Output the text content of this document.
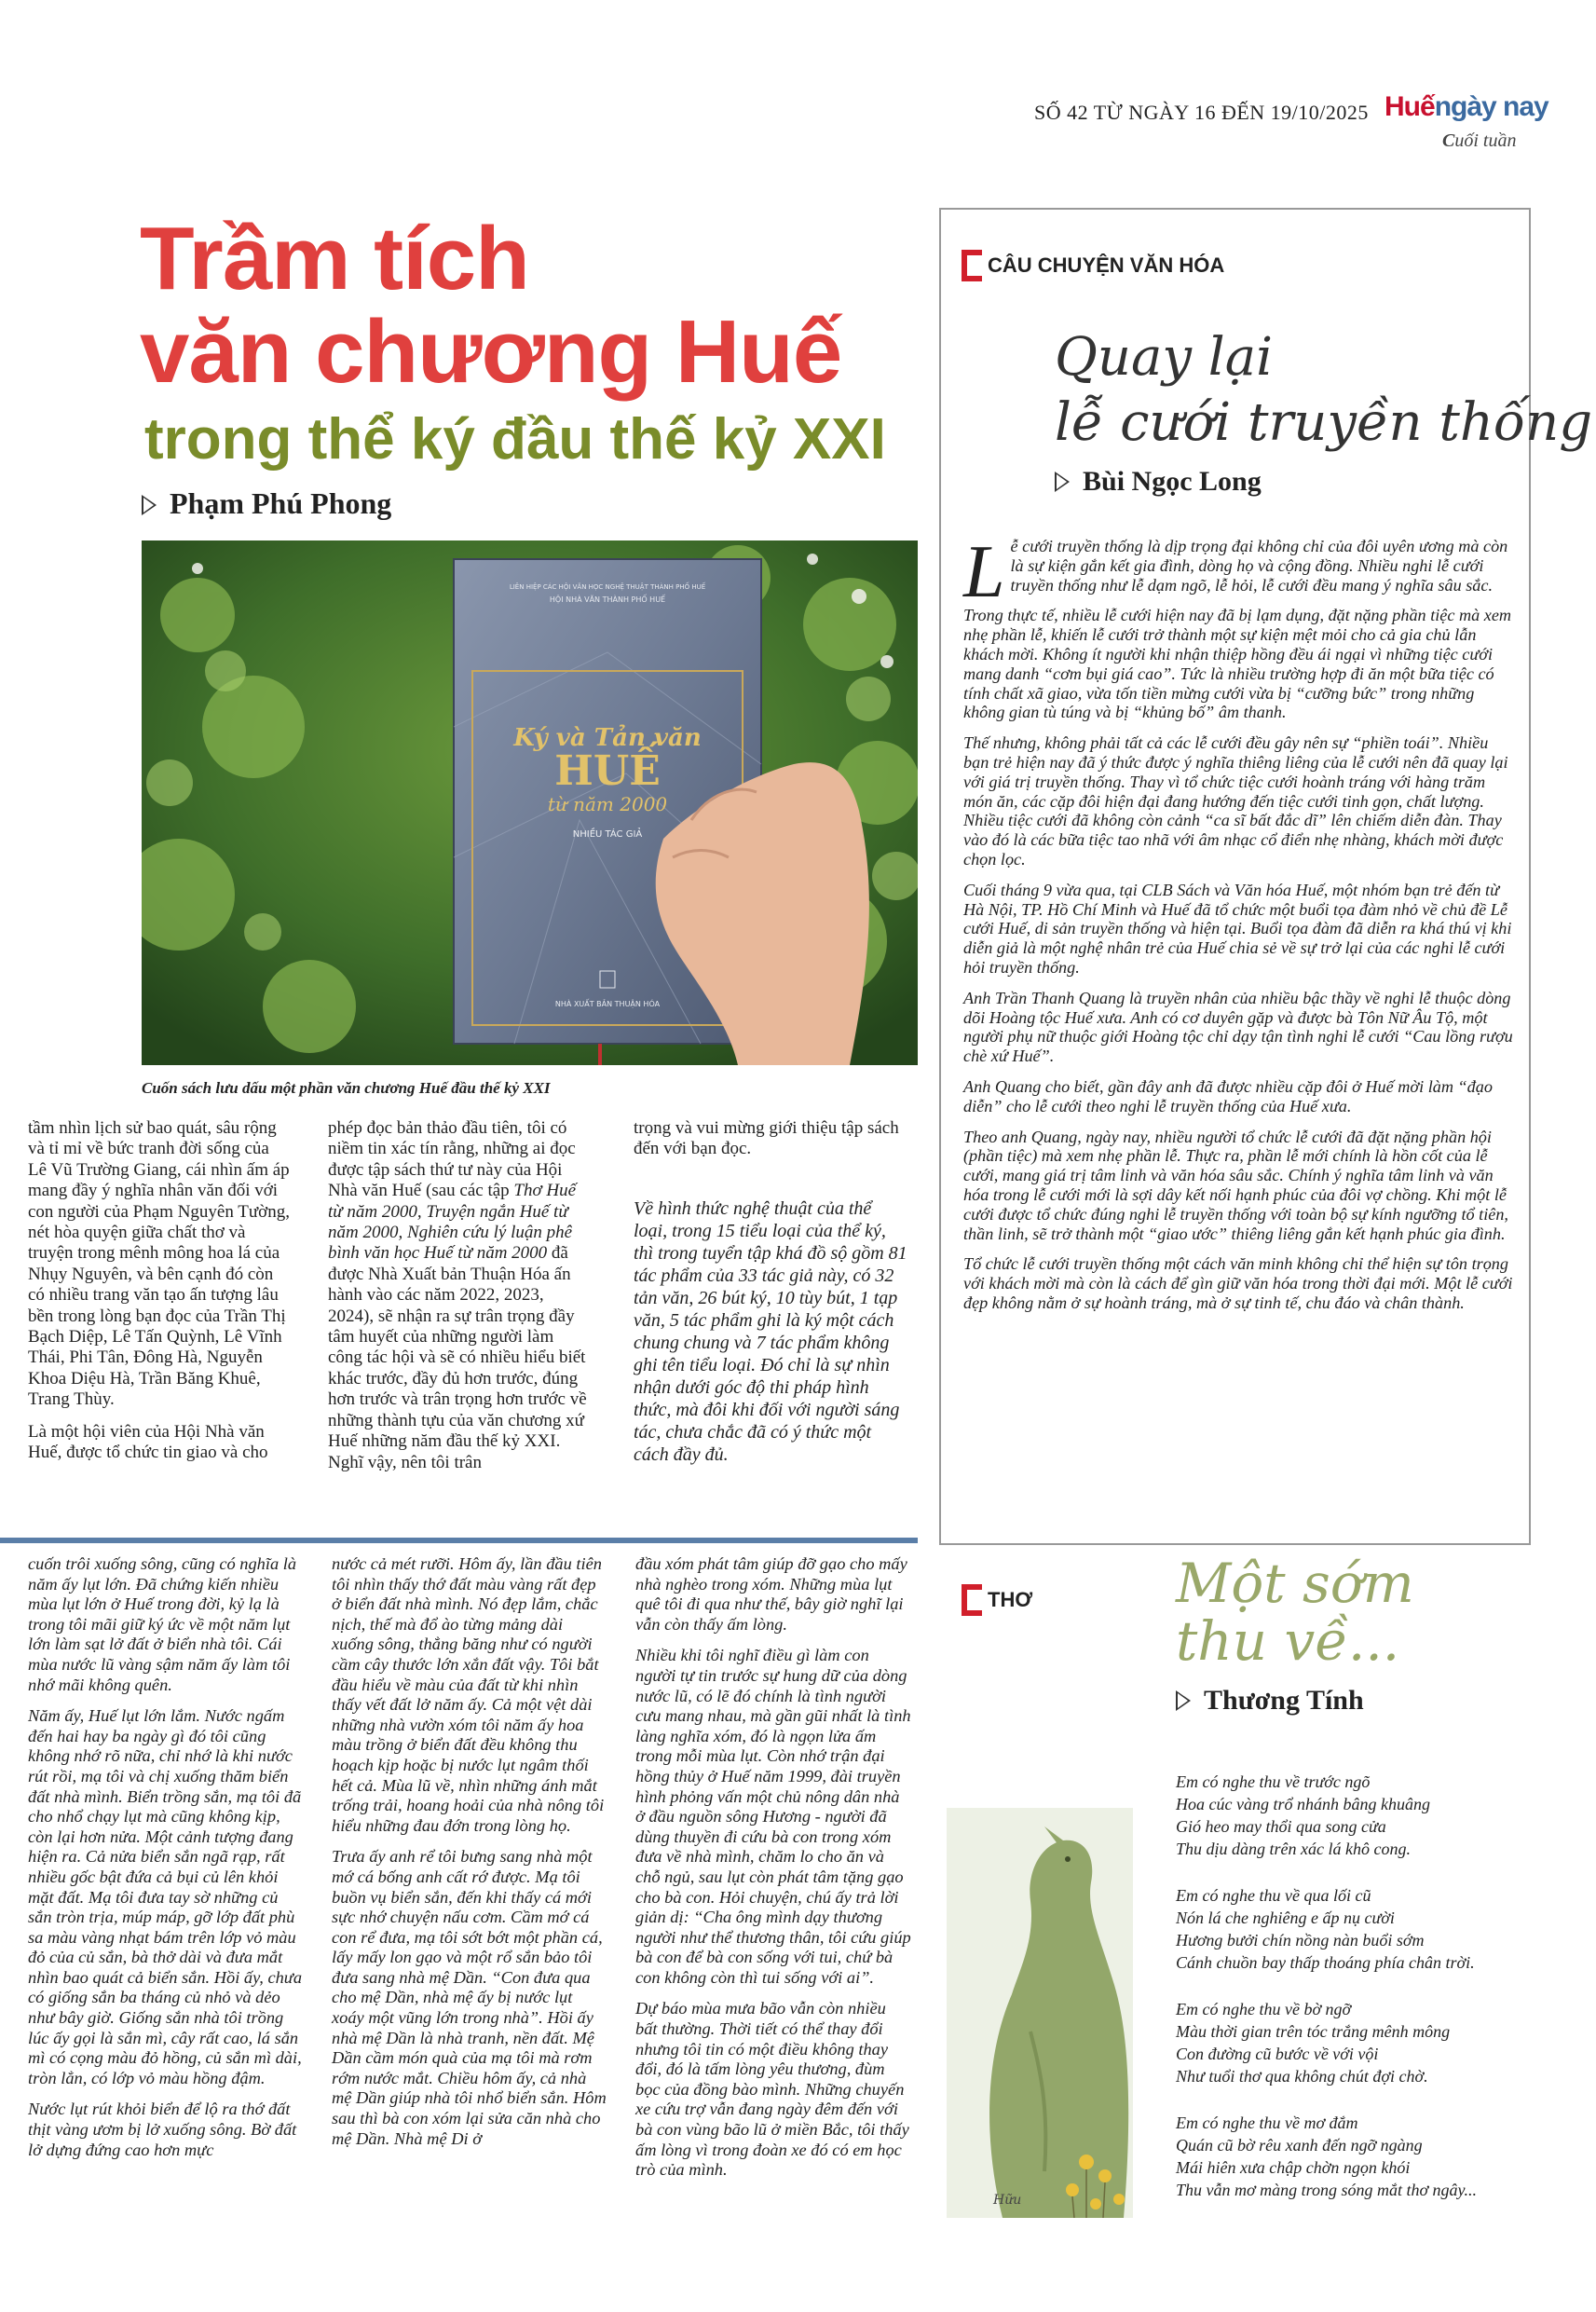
SỐ 42 TỪ NGÀY 16 ĐẾN 19/10/2025 Huếngày nay
Cuối tuần
Trầm tích
văn chương Huế
trong thể ký đầu thế kỷ XXI
Phạm Phú Phong
LIÊN HIỆP CÁC HỘI VĂN HỌC NGHỆ THUẬT THÀNH PHỐ HUẾ
HỘI NHÀ VĂN THÀNH PHỐ HUẾ
Ký và Tản văn
HUẾ
từ năm 2000
NHIỀU TÁC GIẢ
NHÀ XUẤT BẢN THUẬN HÓA
Cuốn sách lưu dấu một phần văn chương Huế đầu thế kỷ XXI

tầm nhìn lịch sử bao quát, sâu rộng và tỉ mỉ về bức tranh đời sống của Lê Vũ Trường Giang, cái nhìn ấm áp mang đầy ý nghĩa nhân văn đối với con người của Phạm Nguyên Tường, nét hòa quyện giữa chất thơ và truyện trong mênh mông hoa lá của Nhụy Nguyên, và bên cạnh đó còn có nhiều trang văn tạo ấn tượng lâu bền trong lòng bạn đọc của Trần Thị Bạch Diệp, Lê Tấn Quỳnh, Lê Vĩnh Thái, Phi Tân, Đông Hà, Nguyễn Khoa Diệu Hà, Trần Băng Khuê, Trang Thùy.

Là một hội viên của Hội Nhà văn Huế, được tổ chức tin giao và cho

phép đọc bản thảo đầu tiên, tôi có niềm tin xác tín rằng, những ai đọc được tập sách thứ tư này của Hội Nhà văn Huế (sau các tập Thơ Huế từ năm 2000, Truyện ngắn Huế từ năm 2000, Nghiên cứu lý luận phê bình văn học Huế từ năm 2000 đã được Nhà Xuất bản Thuận Hóa ấn hành vào các năm 2022, 2023, 2024), sẽ nhận ra sự trân trọng đầy tâm huyết của những người làm công tác hội và sẽ có nhiều hiểu biết khác trước, đầy đủ hơn trước, đúng hơn trước và trân trọng hơn trước về những thành tựu của văn chương xứ Huế những năm đầu thế kỷ XXI. Nghĩ vậy, nên tôi trân

trọng và vui mừng giới thiệu tập sách đến với bạn đọc.

Về hình thức nghệ thuật của thể loại, trong 15 tiểu loại của thể ký, thì trong tuyển tập khá đồ sộ gồm 81 tác phẩm của 33 tác giả này, có 32 tản văn, 26 bút ký, 10 tùy bút, 1 tạp văn, 5 tác phẩm ghi là ký một cách chung chung và 7 tác phẩm không ghi tên tiểu loại. Đó chỉ là sự nhìn nhận dưới góc độ thi pháp hình thức, mà đôi khi đối với người sáng tác, chưa chắc đã có ý thức một cách đầy đủ.

cuốn trôi xuống sông, cũng có nghĩa là năm ấy lụt lớn. Đã chứng kiến nhiều mùa lụt lớn ở Huế trong đời, kỷ lạ là trong tôi mãi giữ ký ức về một năm lụt lớn làm sạt lở đất ở biển nhà tôi. Cái mùa nước lũ vàng sậm năm ấy làm tôi nhớ mãi không quên.

Năm ấy, Huế lụt lớn lắm. Nước ngấm đến hai hay ba ngày gì đó tôi cũng không nhớ rõ nữa, chỉ nhớ là khi nước rút rồi, mạ tôi và chị xuống thăm biển đất nhà mình. Biển trồng sắn, mạ tôi đã cho nhổ chạy lụt mà cũng không kịp, còn lại hơn nửa. Một cảnh tượng đang hiện ra. Cả nửa biển sắn ngã rạp, rất nhiều gốc bật đứa cả bụi củ lên khỏi mặt đất. Mạ tôi đưa tay sờ những củ sắn tròn trịa, múp máp, gỡ lớp đất phù sa màu vàng nhạt bám trên lớp vỏ màu đỏ của củ sắn, bà thở dài và đưa mắt nhìn bao quát cả biển sắn. Hồi ấy, chưa có giống sắn ba tháng củ nhỏ và dẻo như bây giờ. Giống sắn nhà tôi trồng lúc ấy gọi là sắn mì, cây rất cao, lá sắn mì có cọng màu đỏ hồng, củ sắn mì dài, tròn lẳn, có lớp vỏ màu hồng đậm.

Nước lụt rút khỏi biển để lộ ra thớ đất thịt vàng ươm bị lở xuống sông. Bờ đất lở dựng đứng cao hơn mực

nước cả mét rưỡi. Hôm ấy, lần đầu tiên tôi nhìn thấy thớ đất màu vàng rất đẹp ở biển đất nhà mình. Nó đẹp lắm, chắc nịch, thế mà đổ ào từng mảng dài xuống sông, thẳng băng như có người cầm cây thước lớn xắn đất vậy. Tôi bắt đầu hiểu về màu của đất từ khi nhìn thấy vết đất lở năm ấy. Cả một vệt dài những nhà vườn xóm tôi năm ấy hoa màu trồng ở biển đất đều không thu hoạch kịp hoặc bị nước lụt ngâm thối hết cả. Mùa lũ về, nhìn những ánh mắt trống trải, hoang hoải của nhà nông tôi hiểu những đau đớn trong lòng họ.

Trưa ấy anh rể tôi bưng sang nhà một mớ cá bống anh cất rớ được. Mạ tôi buồn vụ biển sắn, đến khi thấy cá mới sực nhớ chuyện nấu cơm. Cầm mớ cá con rể đưa, mạ tôi sớt bớt một phần cá, lấy mấy lon gạo và một rổ sắn bảo tôi đưa sang nhà mệ Dần. “Con đưa qua cho mệ Dần, nhà mệ ấy bị nước lụt xoáy một vũng lớn trong nhà”. Hồi ấy nhà mệ Dần là nhà tranh, nền đất. Mệ Dần cầm món quà của mạ tôi mà rơm rớm nước mắt. Chiều hôm ấy, cả nhà mệ Dần giúp nhà tôi nhổ biển sắn. Hôm sau thì bà con xóm lại sửa căn nhà cho mệ Dần. Nhà mệ Di ở

đầu xóm phát tâm giúp đỡ gạo cho mấy nhà nghèo trong xóm. Những mùa lụt quê tôi đi qua như thế, bây giờ nghĩ lại vẫn còn thấy ấm lòng.

Nhiều khi tôi nghĩ điều gì làm con người tự tin trước sự hung dữ của dòng nước lũ, có lẽ đó chính là tình người cưu mang nhau, mà gần gũi nhất là tình làng nghĩa xóm, đó là ngọn lửa ấm trong mỗi mùa lụt. Còn nhớ trận đại hồng thủy ở Huế năm 1999, đài truyền hình phỏng vấn một chủ nông dân nhà ở đầu nguồn sông Hương - người đã dùng thuyền đi cứu bà con trong xóm đưa về nhà mình, chăm lo cho ăn và chỗ ngủ, sau lụt còn phát tâm tặng gạo cho bà con. Hỏi chuyện, chú ấy trả lời giản dị: “Cha ông mình dạy thương người như thể thương thân, tôi cứu giúp bà con để bà con sống với tui, chứ bà con không còn thì tui sống với ai”.

Dự báo mùa mưa bão vẫn còn nhiều bất thường. Thời tiết có thể thay đổi nhưng tôi tin có một điều không thay đổi, đó là tấm lòng yêu thương, đùm bọc của đồng bào mình. Những chuyến xe cứu trợ vẫn đang ngày đêm đến với bà con vùng bão lũ ở miền Bắc, tôi thấy ấm lòng vì trong đoàn xe đó có em học trò của mình.

CÂU CHUYỆN VĂN HÓA
Quay lại
lễ cưới truyền thống
Bùi Ngọc Long

Lễ cưới truyền thống là dịp trọng đại không chỉ của đôi uyên ương mà còn là sự kiện gắn kết gia đình, dòng họ và cộng đồng. Nhiều nghi lễ cưới truyền thống như lễ dạm ngõ, lễ hỏi, lễ cưới đều mang ý nghĩa sâu sắc.

Trong thực tế, nhiều lễ cưới hiện nay đã bị lạm dụng, đặt nặng phần tiệc mà xem nhẹ phần lễ, khiến lễ cưới trở thành một sự kiện mệt mỏi cho cả gia chủ lẫn khách mời. Không ít người khi nhận thiệp hồng đều ái ngại vì những tiệc cưới mang danh “cơm bụi giá cao”. Tức là nhiều trường hợp đi ăn một bữa tiệc có tính chất xã giao, vừa tốn tiền mừng cưới vừa bị “cưỡng bức” trong những không gian tù túng và bị “khủng bố” âm thanh.

Thế nhưng, không phải tất cả các lễ cưới đều gây nên sự “phiền toái”. Nhiều bạn trẻ hiện nay đã ý thức được ý nghĩa thiêng liêng của lễ cưới nên đã quay lại với giá trị truyền thống. Thay vì tổ chức tiệc cưới hoành tráng với hàng trăm món ăn, các cặp đôi hiện đại đang hướng đến tiệc cưới tinh gọn, chất lượng. Nhiều tiệc cưới đã không còn cảnh “ca sĩ bất đắc dĩ” lên chiếm diễn đàn. Thay vào đó là các bữa tiệc tao nhã với âm nhạc cổ điển nhẹ nhàng, khách mời được chọn lọc.

Cuối tháng 9 vừa qua, tại CLB Sách và Văn hóa Huế, một nhóm bạn trẻ đến từ Hà Nội, TP. Hồ Chí Minh và Huế đã tổ chức một buổi tọa đàm nhỏ về chủ đề Lễ cưới Huế, di sản truyền thống và hiện tại. Buổi tọa đàm đã diễn ra khá thú vị khi diễn giả là một nghệ nhân trẻ của Huế chia sẻ về sự trở lại của các nghi lễ cưới hỏi truyền thống.

Anh Trần Thanh Quang là truyền nhân của nhiều bậc thầy về nghi lễ thuộc dòng dõi Hoàng tộc Huế xưa. Anh có cơ duyên gặp và được bà Tôn Nữ Âu Tộ, một người phụ nữ thuộc giới Hoàng tộc chỉ dạy tận tình nghi lễ cưới “Cau lồng rượu chè xứ Huế”.

Anh Quang cho biết, gần đây anh đã được nhiều cặp đôi ở Huế mời làm “đạo diễn” cho lễ cưới theo nghi lễ truyền thống của Huế xưa.

Theo anh Quang, ngày nay, nhiều người tổ chức lễ cưới đã đặt nặng phần hội (phần tiệc) mà xem nhẹ phần lễ. Thực ra, phần lễ mới chính là hồn cốt của lễ cưới, mang giá trị tâm linh và văn hóa sâu sắc. Chính ý nghĩa tâm linh và văn hóa trong lễ cưới mới là sợi dây kết nối hạnh phúc của đôi vợ chồng. Khi một lễ cưới được tổ chức đúng nghi lễ truyền thống với toàn bộ sự kính ngưỡng tổ tiên, thần linh, sẽ trở thành một “giao ước” thiêng liêng gắn kết hạnh phúc gia đình.

Tổ chức lễ cưới truyền thống một cách văn minh không chỉ thể hiện sự tôn trọng với khách mời mà còn là cách để gìn giữ văn hóa trong thời đại mới. Một lễ cưới đẹp không nằm ở sự hoành tráng, mà ở sự tinh tế, chu đáo và chân thành.

THƠ
Hữu
Một sớm
thu về...
Thương Tính
Em có nghe thu về trước ngõ
Hoa cúc vàng trổ nhánh bâng khuâng
Gió heo may thổi qua song cửa
Thu dịu dàng trên xác lá khô cong.
Em có nghe thu về qua lối cũ
Nón lá che nghiêng e ấp nụ cười
Hương bưởi chín nồng nàn buổi sớm
Cánh chuồn bay thấp thoáng phía chân trời.
Em có nghe thu về bờ ngỡ
Màu thời gian trên tóc trắng mênh mông
Con đường cũ bước về với vội
Như tuổi thơ qua không chút đợi chờ.
Em có nghe thu về mơ đắm
Quán cũ bờ rêu xanh đến ngỡ ngàng
Mái hiên xưa chập chờn ngọn khói
Thu vẫn mơ màng trong sóng mắt thơ ngây...
